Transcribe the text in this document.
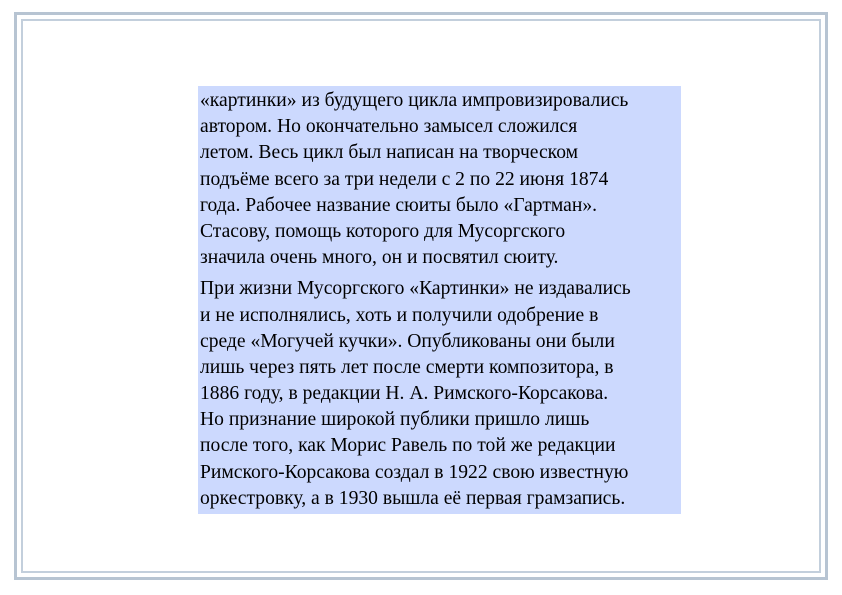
«картинки» из будущего цикла импровизировались
автором. Но окончательно замысел сложился
летом. Весь цикл был написан на творческом
подъёме всего за три недели с 2 по 22 июня 1874
года. Рабочее название сюиты было «Гартман».
Стасову, помощь которого для Мусоргского
значила очень много, он и посвятил сюиту.

При жизни Мусоргского «Картинки» не издавались
и не исполнялись, хоть и получили одобрение в
среде «Могучей кучки». Опубликованы они были
лишь через пять лет после смерти композитора, в
1886 году, в редакции Н. А. Римского-Корсакова.
Но признание широкой публики пришло лишь
после того, как Морис Равель по той же редакции
Римского-Корсакова создал в 1922 свою известную
оркестровку, а в 1930 вышла её первая грамзапись.
